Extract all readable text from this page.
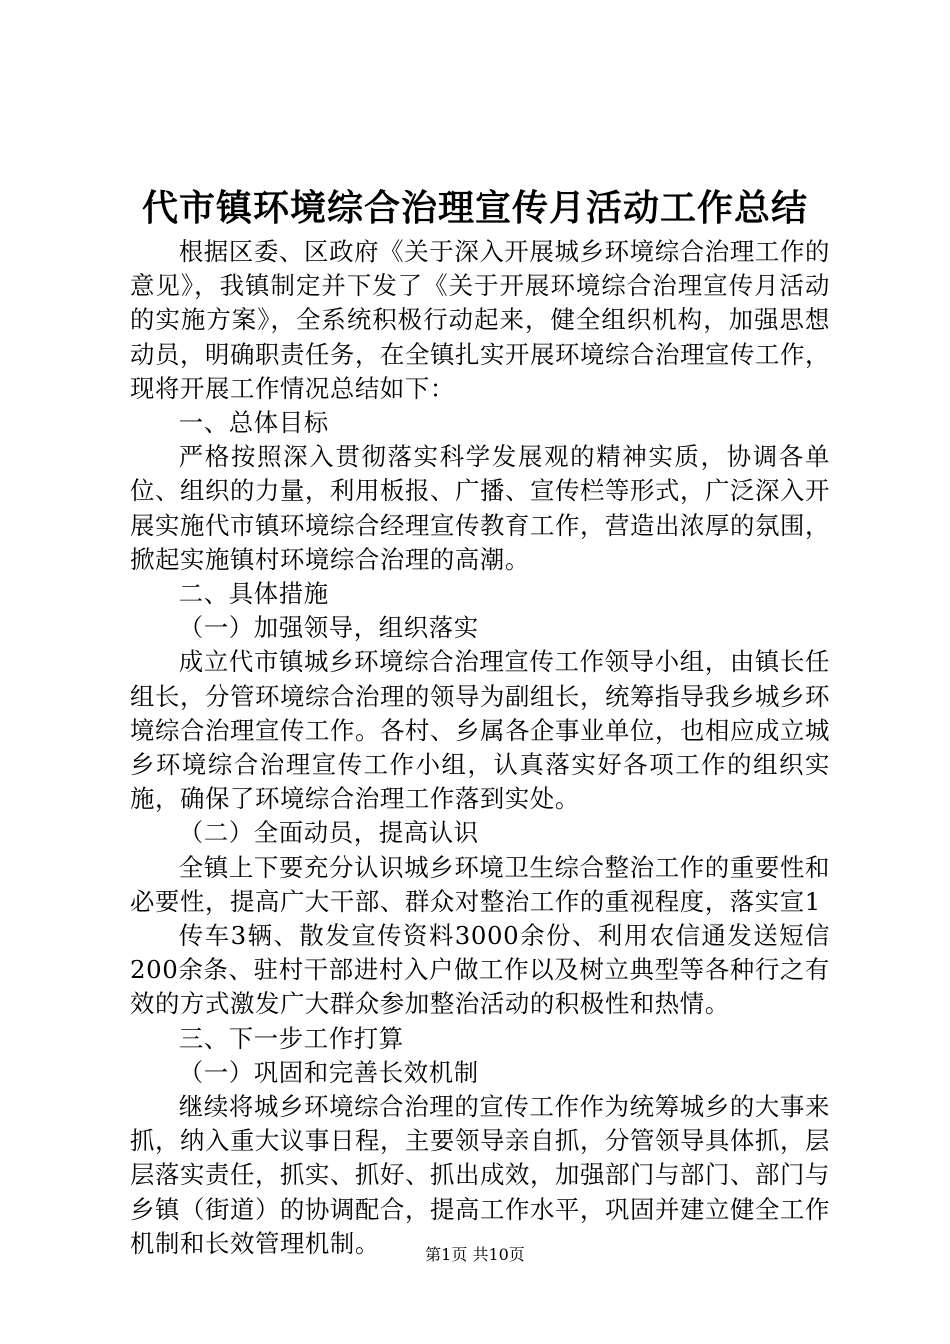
代市镇环境综合治理宣传月活动工作总结

根据区委、区政府《关于深入开展城乡环境综合治理工作的意见》，我镇制定并下发了《关于开展环境综合治理宣传月活动的实施方案》，全系统积极行动起来，健全组织机构，加强思想动员，明确职责任务，在全镇扎实开展环境综合治理宣传工作，现将开展工作情况总结如下：

一、总体目标

严格按照深入贯彻落实科学发展观的精神实质，协调各单位、组织的力量，利用板报、广播、宣传栏等形式，广泛深入开展实施代市镇环境综合经理宣传教育工作，营造出浓厚的氛围，掀起实施镇村环境综合治理的高潮。

二、具体措施

（一）加强领导，组织落实

成立代市镇城乡环境综合治理宣传工作领导小组，由镇长任组长，分管环境综合治理的领导为副组长，统筹指导我乡城乡环境综合治理宣传工作。各村、乡属各企事业单位，也相应成立城乡环境综合治理宣传工作小组，认真落实好各项工作的组织实施，确保了环境综合治理工作落到实处。

（二）全面动员，提高认识

全镇上下要充分认识城乡环境卫生综合整治工作的重要性和必要性，提高广大干部、群众对整治工作的重视程度，落实宣1

传车3辆、散发宣传资料3000余份、利用农信通发送短信200余条、驻村干部进村入户做工作以及树立典型等各种行之有效的方式激发广大群众参加整治活动的积极性和热情。

三、下一步工作打算

（一）巩固和完善长效机制

继续将城乡环境综合治理的宣传工作作为统筹城乡的大事来抓，纳入重大议事日程，主要领导亲自抓，分管领导具体抓，层层落实责任，抓实、抓好、抓出成效，加强部门与部门、部门与乡镇（街道）的协调配合，提高工作水平，巩固并建立健全工作机制和长效管理机制。	第1页 共10页
